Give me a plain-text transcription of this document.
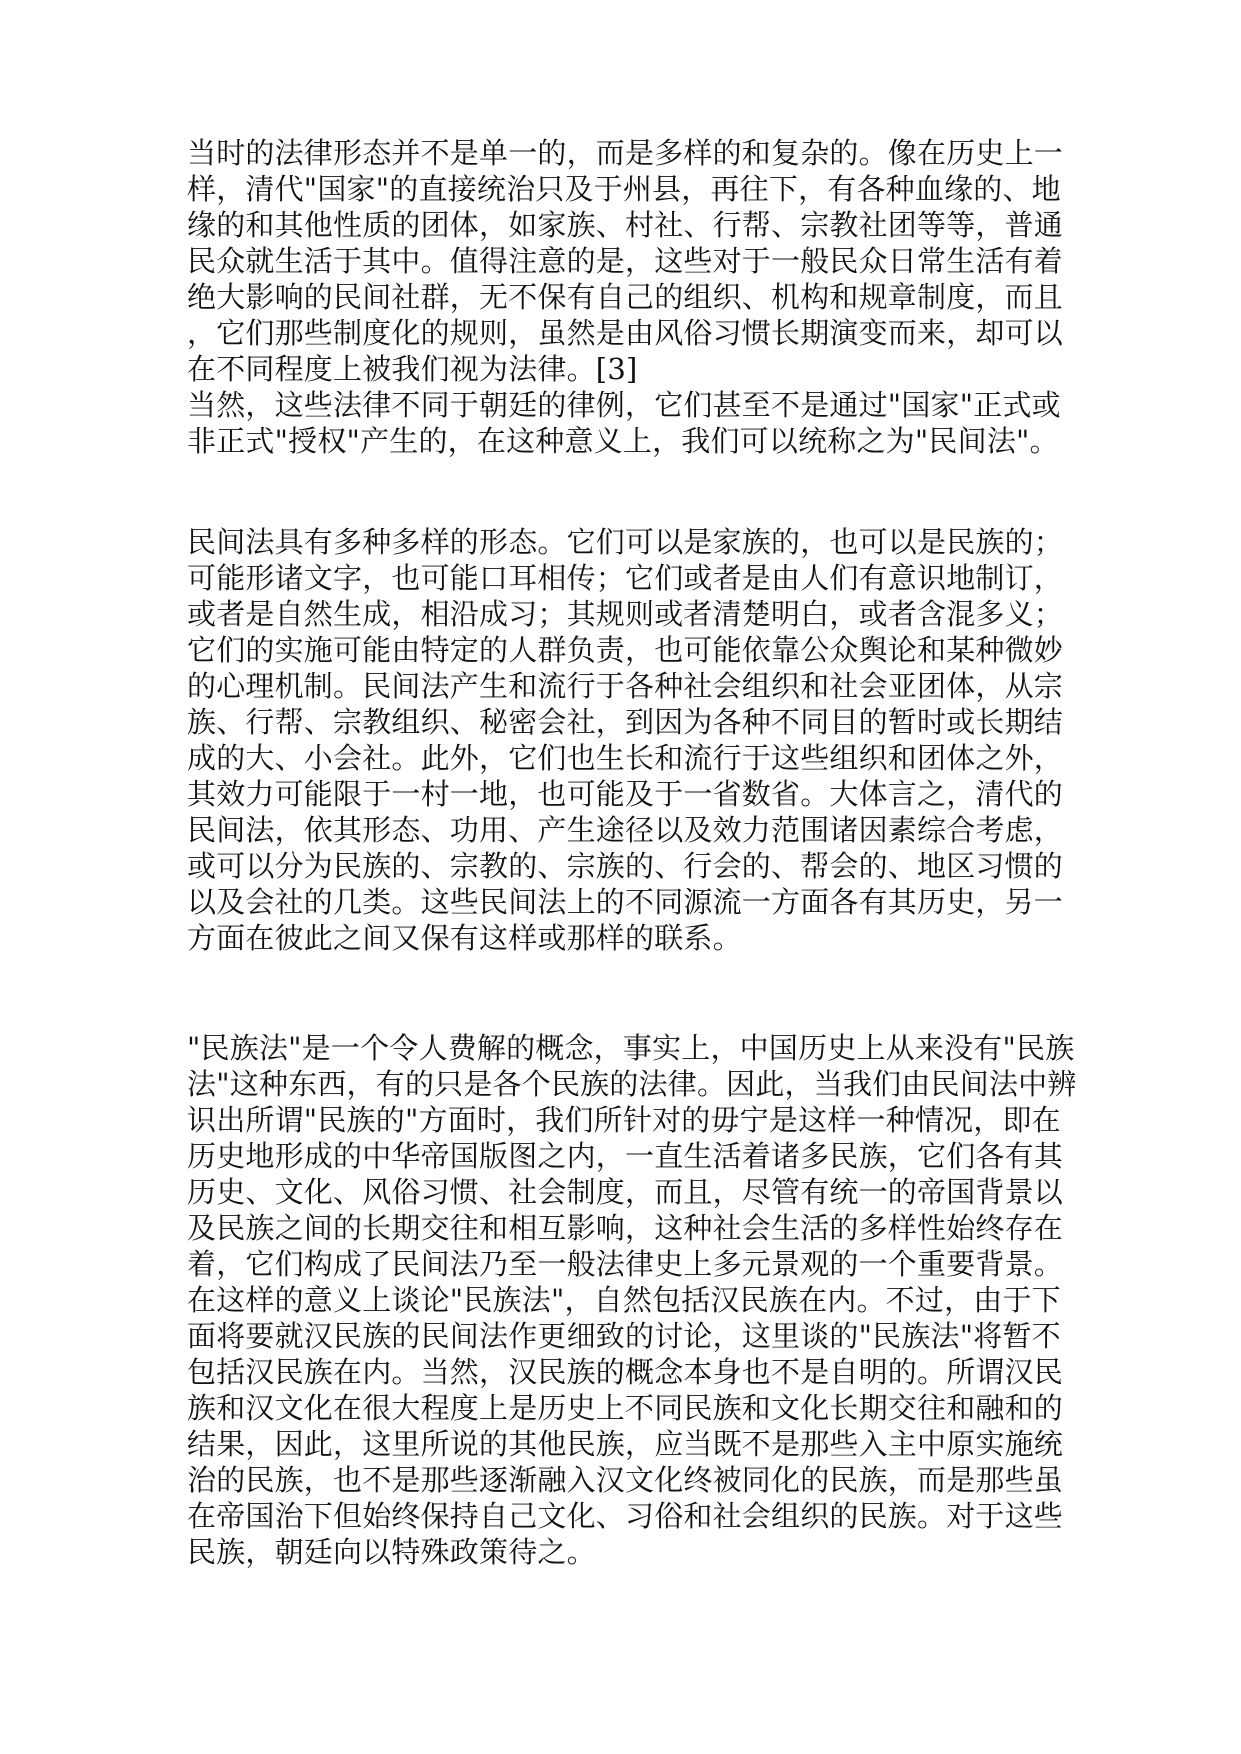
当时的法律形态并不是单一的，而是多样的和复杂的。像在历史上一
样，清代"国家"的直接统治只及于州县，再往下，有各种血缘的、地
缘的和其他性质的团体，如家族、村社、行帮、宗教社团等等，普通
民众就生活于其中。值得注意的是，这些对于一般民众日常生活有着
绝大影响的民间社群，无不保有自己的组织、机构和规章制度，而且
，它们那些制度化的规则，虽然是由风俗习惯长期演变而来，却可以
在不同程度上被我们视为法律。[3]
当然，这些法律不同于朝廷的律例，它们甚至不是通过"国家"正式或
非正式"授权"产生的，在这种意义上，我们可以统称之为"民间法"。
民间法具有多种多样的形态。它们可以是家族的，也可以是民族的；
可能形诸文字，也可能口耳相传；它们或者是由人们有意识地制订，
或者是自然生成，相沿成习；其规则或者清楚明白，或者含混多义；
它们的实施可能由特定的人群负责，也可能依靠公众舆论和某种微妙
的心理机制。民间法产生和流行于各种社会组织和社会亚团体，从宗
族、行帮、宗教组织、秘密会社，到因为各种不同目的暂时或长期结
成的大、小会社。此外，它们也生长和流行于这些组织和团体之外，
其效力可能限于一村一地，也可能及于一省数省。大体言之，清代的
民间法，依其形态、功用、产生途径以及效力范围诸因素综合考虑，
或可以分为民族的、宗教的、宗族的、行会的、帮会的、地区习惯的
以及会社的几类。这些民间法上的不同源流一方面各有其历史，另一
方面在彼此之间又保有这样或那样的联系。
"民族法"是一个令人费解的概念，事实上，中国历史上从来没有"民族
法"这种东西，有的只是各个民族的法律。因此，当我们由民间法中辨
识出所谓"民族的"方面时，我们所针对的毋宁是这样一种情况，即在
历史地形成的中华帝国版图之内，一直生活着诸多民族，它们各有其
历史、文化、风俗习惯、社会制度，而且，尽管有统一的帝国背景以
及民族之间的长期交往和相互影响，这种社会生活的多样性始终存在
着，它们构成了民间法乃至一般法律史上多元景观的一个重要背景。
在这样的意义上谈论"民族法"，自然包括汉民族在内。不过，由于下
面将要就汉民族的民间法作更细致的讨论，这里谈的"民族法"将暂不
包括汉民族在内。当然，汉民族的概念本身也不是自明的。所谓汉民
族和汉文化在很大程度上是历史上不同民族和文化长期交往和融和的
结果，因此，这里所说的其他民族，应当既不是那些入主中原实施统
治的民族，也不是那些逐渐融入汉文化终被同化的民族，而是那些虽
在帝国治下但始终保持自己文化、习俗和社会组织的民族。对于这些
民族，朝廷向以特殊政策待之。
